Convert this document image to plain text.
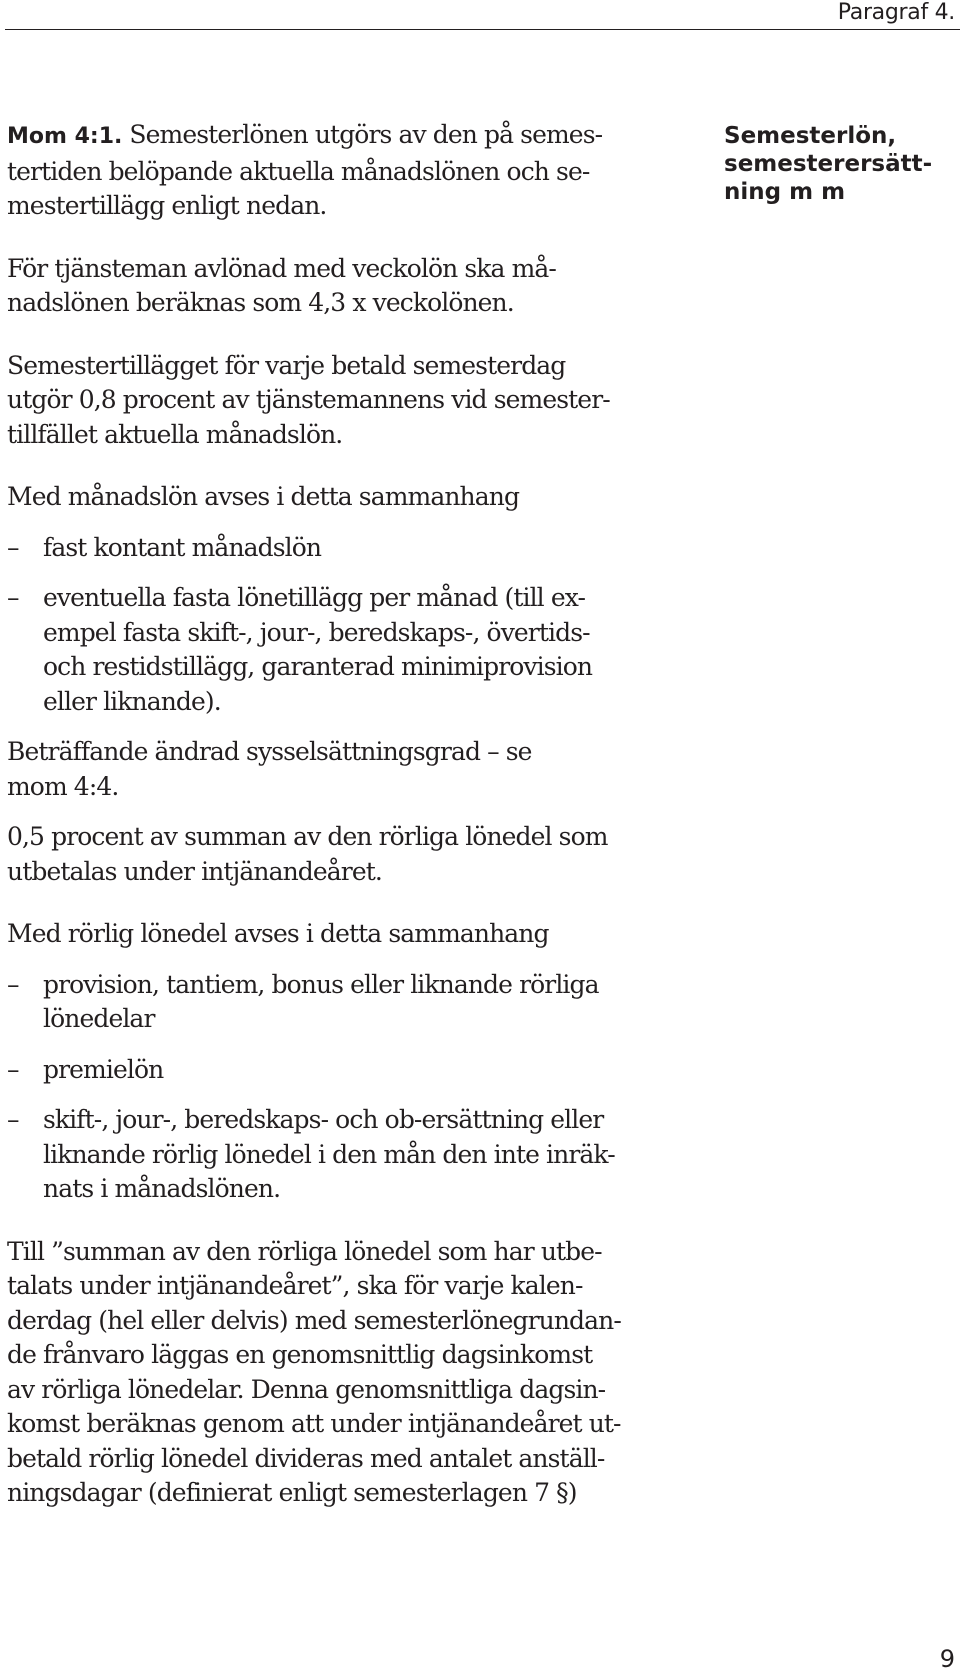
Paragraf 4.
Semesterlön,
semesterersätt-
ning m m
Mom 4:1. Semesterlönen utgörs av den på semes-
tertiden belöpande aktuella månadslönen och se-
mestertillägg enligt nedan.
För tjänsteman avlönad med veckolön ska må-
nadslönen beräknas som 4,3 x veckolönen.
Semestertillägget för varje betald semesterdag
utgör 0,8 procent av tjänstemannens vid semester-
tillfället aktuella månadslön.
Med månadslön avses i detta sammanhang
– fast kontant månadslön
– eventuella fasta lönetillägg per månad (till ex-
empel fasta skift-, jour-, beredskaps-, övertids-
och restidstillägg, garanterad minimiprovision
eller liknande).
Beträffande ändrad sysselsättningsgrad – se
mom 4:4.
0,5 procent av summan av den rörliga lönedel som
utbetalas under intjänandeåret.
Med rörlig lönedel avses i detta sammanhang
– provision, tantiem, bonus eller liknande rörliga
lönedelar
– premielön
– skift-, jour-, beredskaps- och ob-ersättning eller
liknande rörlig lönedel i den mån den inte inräk-
nats i månadslönen.
Till ”summan av den rörliga lönedel som har utbe-
talats under intjänandeåret”, ska för varje kalen-
derdag (hel eller delvis) med semesterlönegrundan-
de frånvaro läggas en genomsnittlig dagsinkomst
av rörliga lönedelar. Denna genomsnittliga dagsin-
komst beräknas genom att under intjänandeåret ut-
betald rörlig lönedel divideras med antalet anställ-
ningsdagar (definierat enligt semesterlagen 7 §)
9
